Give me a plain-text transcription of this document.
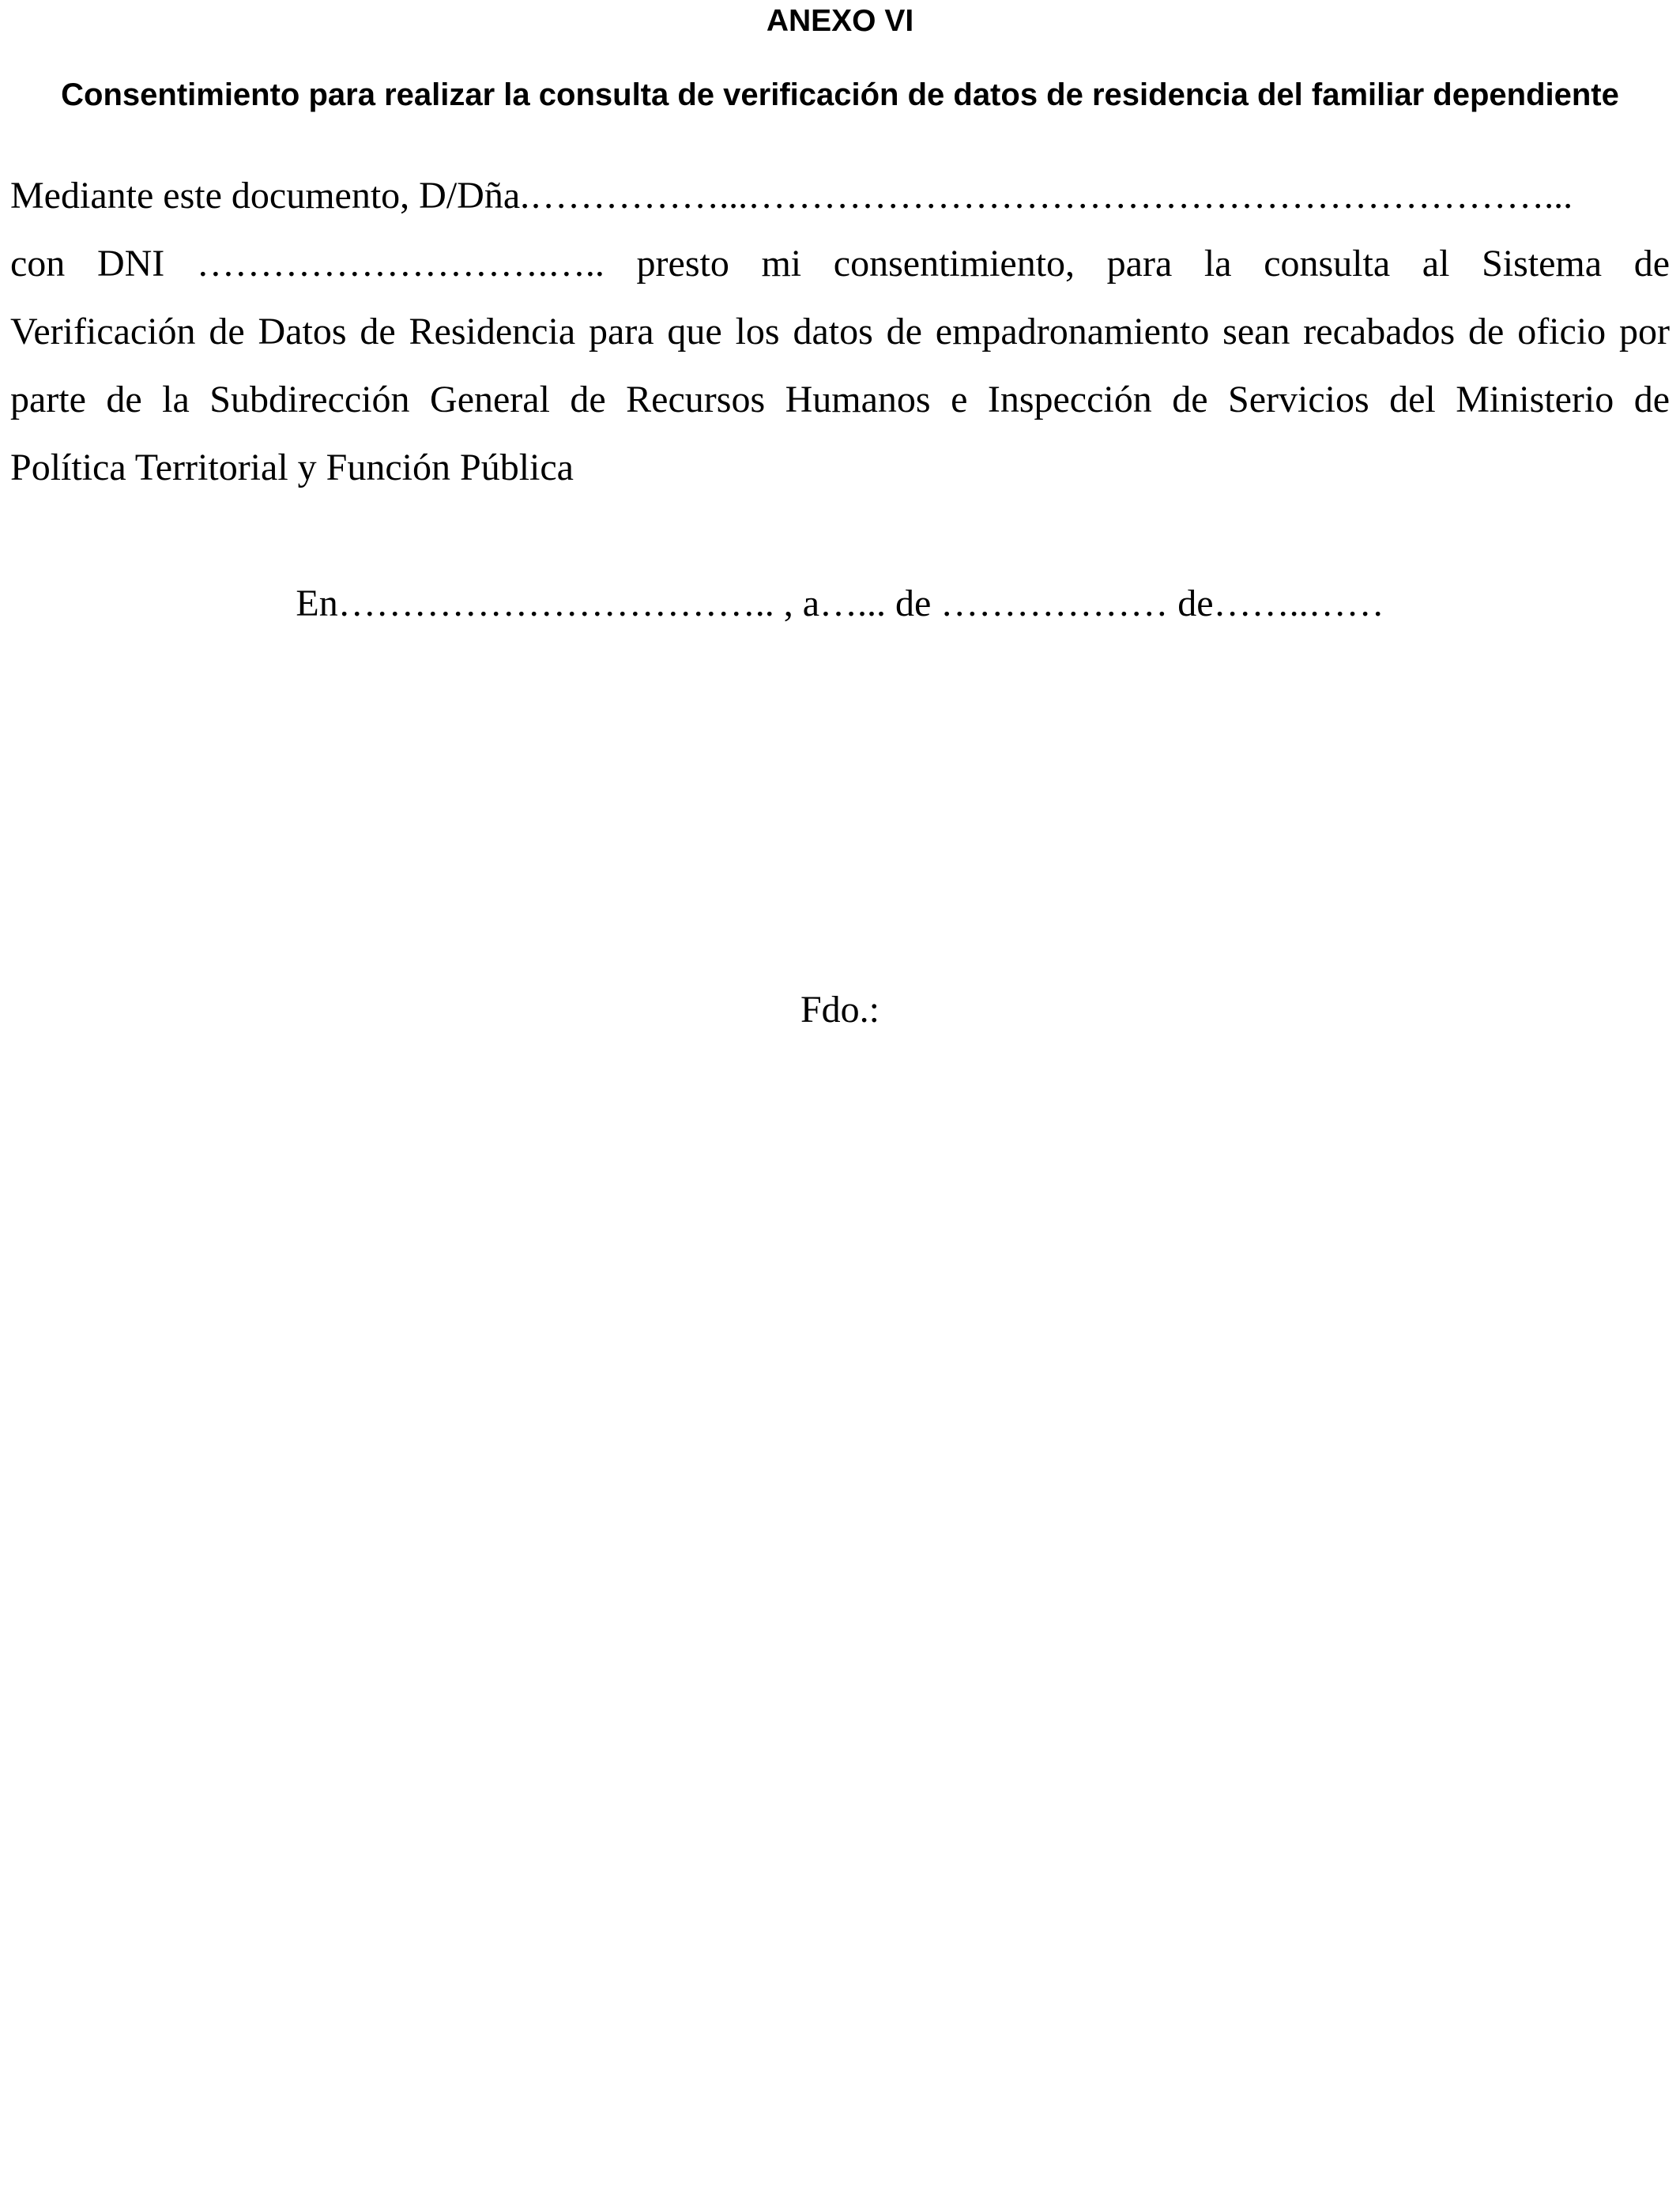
ANEXO VI
Consentimiento para realizar la consulta de verificación de datos de residencia del familiar dependiente
Mediante este documento, D/Dña.……………...………………………………………………………...
con DNI ……………………….….. presto mi consentimiento, para la consulta al Sistema de
Verificación de Datos de Residencia para que los datos de empadronamiento sean recabados de oficio por
parte de la Subdirección General de Recursos Humanos e Inspección de Servicios del Ministerio de
Política Territorial y Función Pública
En…………………………….. , a…... de ……………… de……..……
Fdo.:
